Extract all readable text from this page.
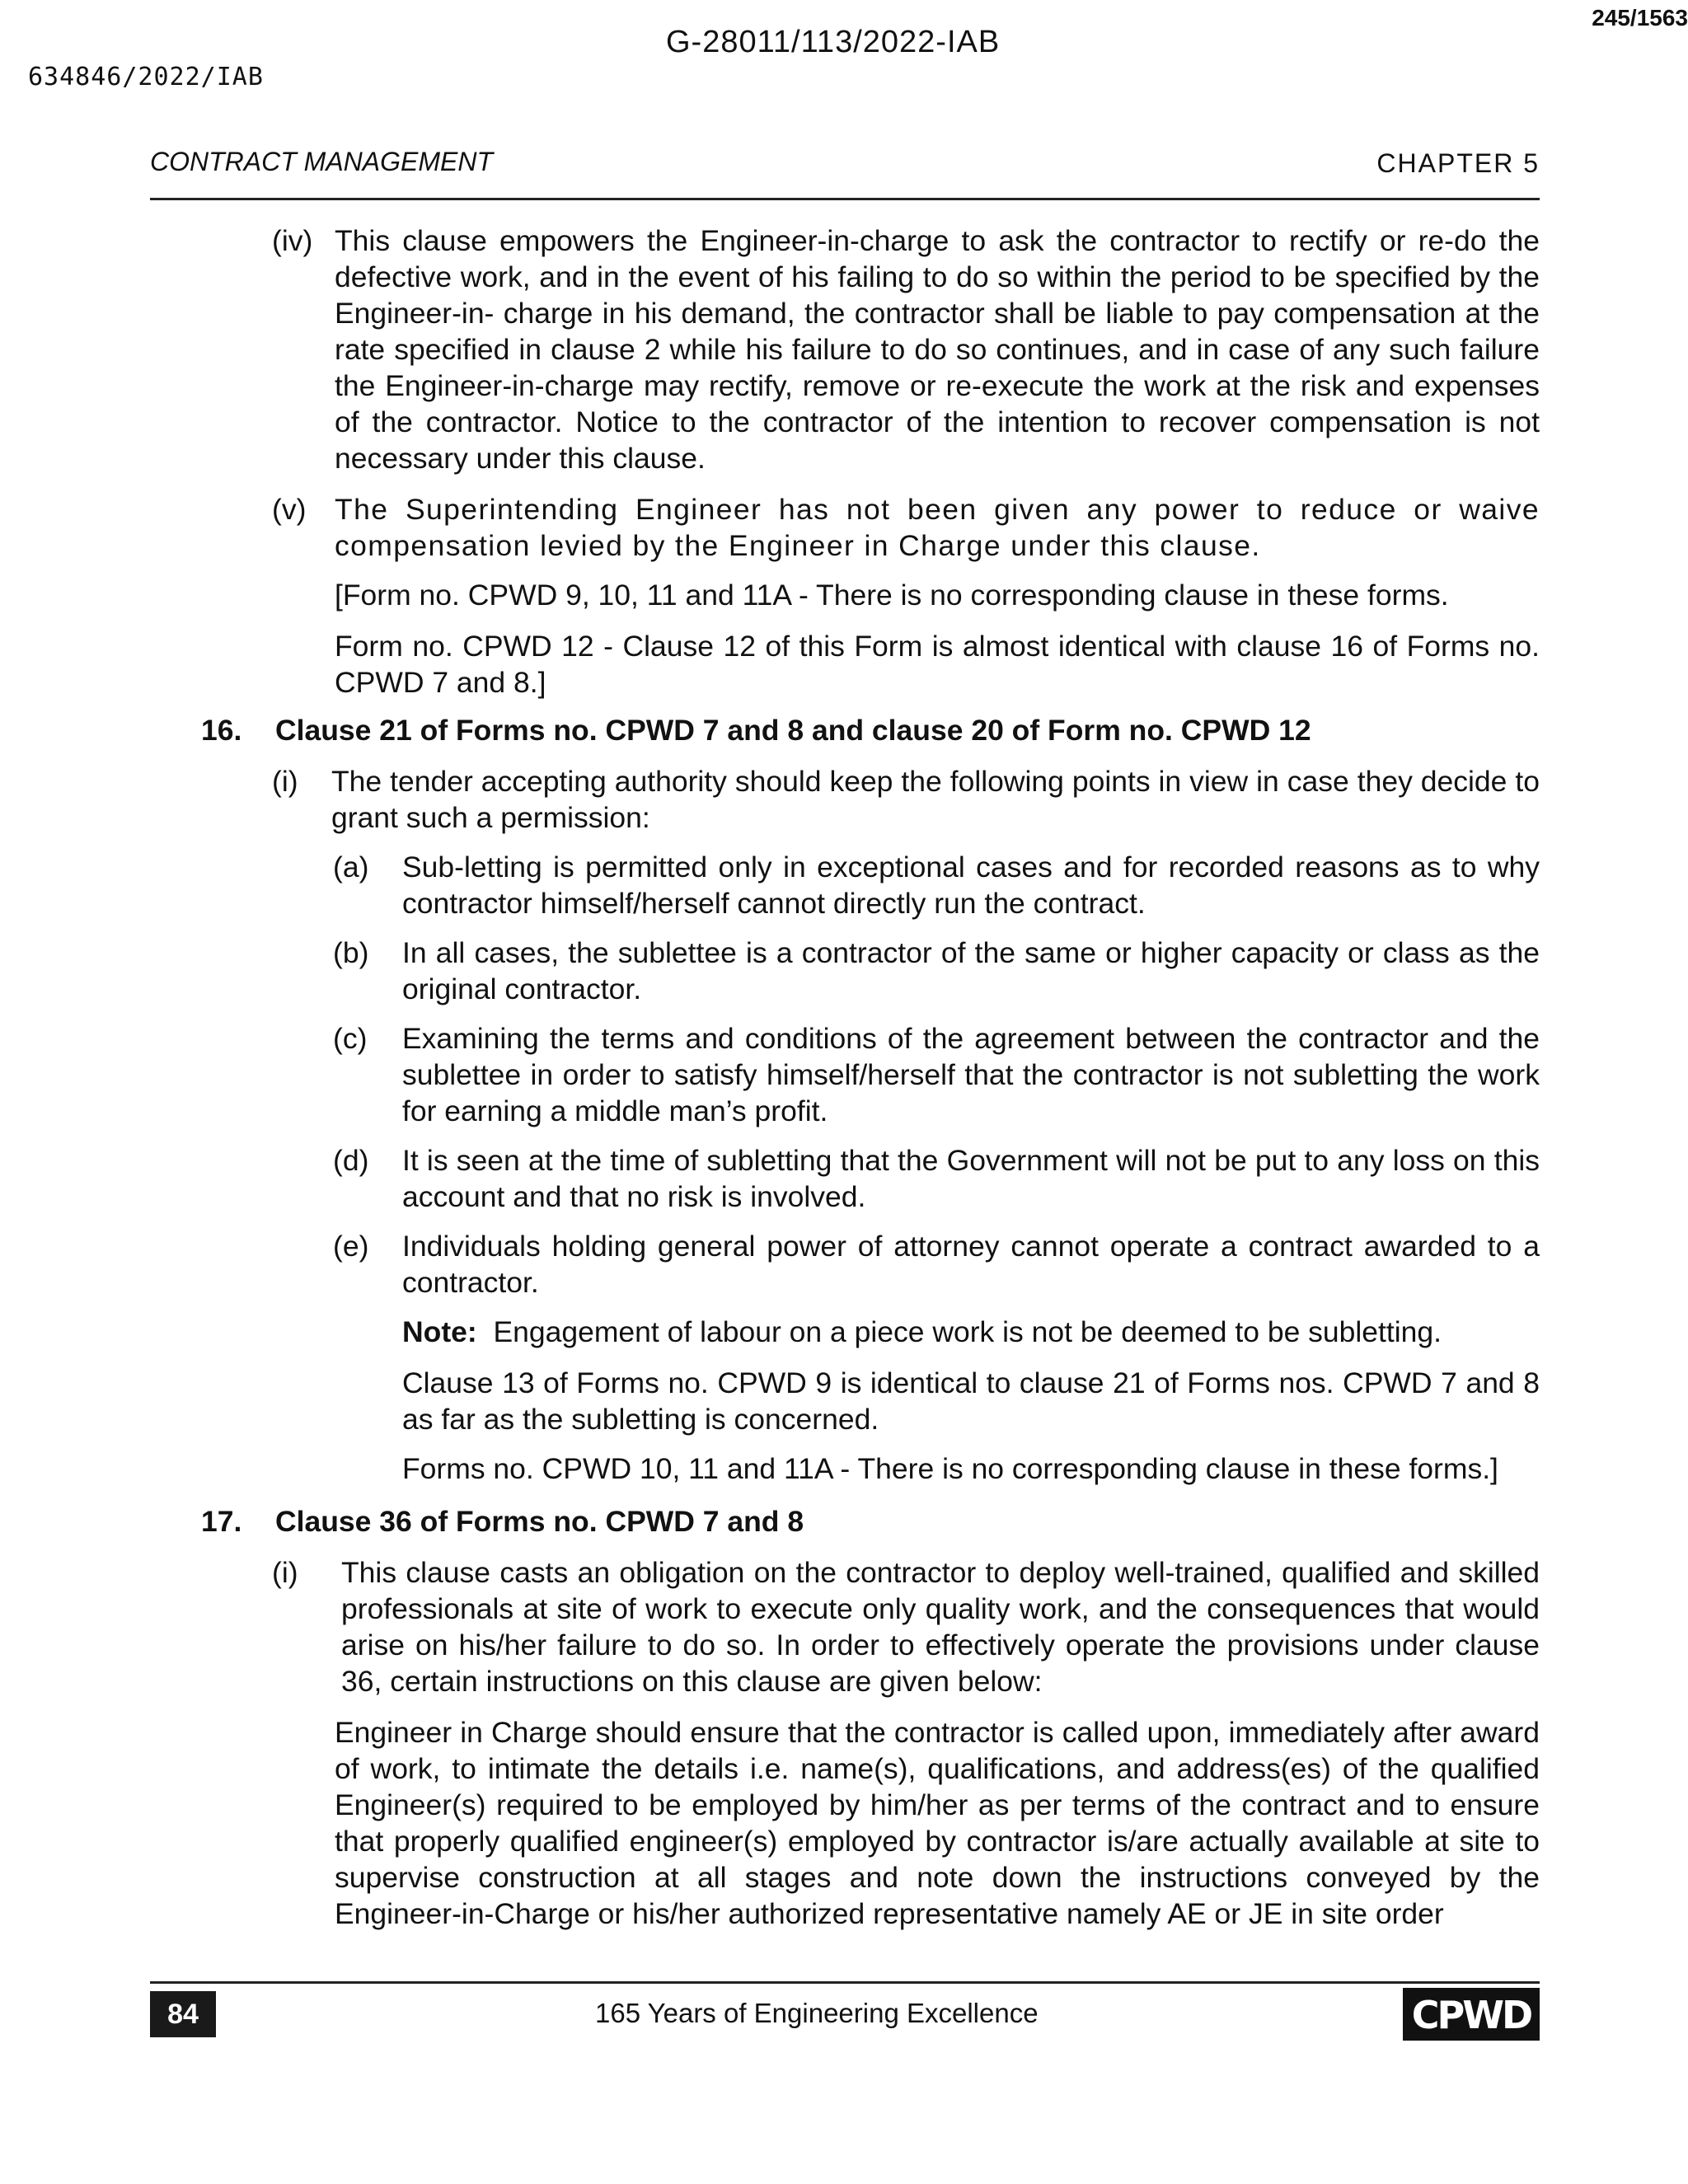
G-28011/113/2022-IAB
245/1563
634846/2022/IAB
CONTRACT MANAGEMENT	CHAPTER 5
(iv) This clause empowers the Engineer-in-charge to ask the contractor to rectify or re-do the defective work, and in the event of his failing to do so within the period to be specified by the Engineer-in- charge in his demand, the contractor shall be liable to pay compensation at the rate specified in clause 2 while his failure to do so continues, and in case of any such failure the Engineer-in-charge may rectify, remove or re-execute the work at the risk and expenses of the contractor. Notice to the contractor of the intention to recover compensation is not necessary under this clause.
(v) The Superintending Engineer has not been given any power to reduce or waive compensation levied by the Engineer in Charge under this clause.
[Form no. CPWD 9, 10, 11 and 11A - There is no corresponding clause in these forms.
Form no. CPWD 12 - Clause 12 of this Form is almost identical with clause 16 of Forms no. CPWD 7 and 8.]
16.	Clause 21 of Forms no. CPWD 7 and 8 and clause 20 of Form no. CPWD 12
(i)	The tender accepting authority should keep the following points in view in case they decide to grant such a permission:
(a)	Sub-letting is permitted only in exceptional cases and for recorded reasons as to why contractor himself/herself cannot directly run the contract.
(b)	In all cases, the sublettee is a contractor of the same or higher capacity or class as the original contractor.
(c)	Examining the terms and conditions of the agreement between the contractor and the sublettee in order to satisfy himself/herself that the contractor is not subletting the work for earning a middle man’s profit.
(d)	It is seen at the time of subletting that the Government will not be put to any loss on this account and that no risk is involved.
(e)	Individuals holding general power of attorney cannot operate a contract awarded to a contractor.
Note: Engagement of labour on a piece work is not be deemed to be subletting.
Clause 13 of Forms no. CPWD 9 is identical to clause 21 of Forms nos. CPWD 7 and 8 as far as the subletting is concerned.
Forms no. CPWD 10, 11 and 11A - There is no corresponding clause in these forms.]
17.	Clause 36 of Forms no. CPWD 7 and 8
(i)	This clause casts an obligation on the contractor to deploy well-trained, qualified and skilled professionals at site of work to execute only quality work, and the consequences that would arise on his/her failure to do so. In order to effectively operate the provisions under clause 36, certain instructions on this clause are given below:
Engineer in Charge should ensure that the contractor is called upon, immediately after award of work, to intimate the details i.e. name(s), qualifications, and address(es) of the qualified Engineer(s) required to be employed by him/her as per terms of the contract and to ensure that properly qualified engineer(s) employed by contractor is/are actually available at site to supervise construction at all stages and note down the instructions conveyed by the Engineer-in-Charge or his/her authorized representative namely AE or JE in site order
84	165 Years of Engineering Excellence	CPWD
